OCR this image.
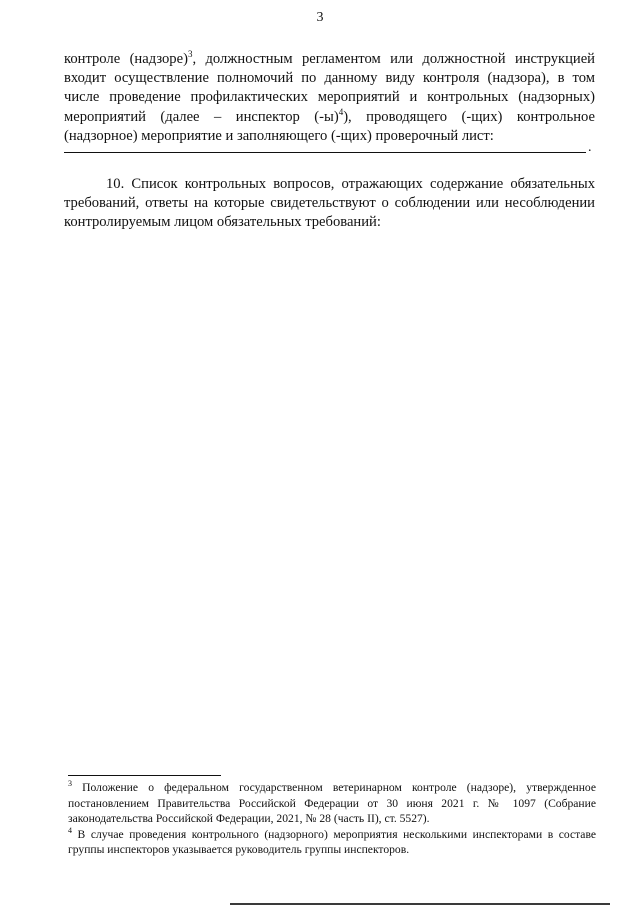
3
контроле (надзоре)$^3$, должностным регламентом или должностной инструкцией
входит осуществление полномочий по данному виду контроля (надзора), в том
числе проведение профилактических мероприятий и контрольных (надзорных)
мероприятий (далее – инспектор $(-ы)^4$), проводящего (-щих) контрольное
(надзорное) мероприятие и заполняющего (-щих) проверочный лист:
.
10. Список контрольных вопросов, отражающих содержание обязательных
требований, ответы на которые свидетельствуют о соблюдении или несоблюдении
контролируемым лицом обязательных требований:

$^3$ Положение о федеральном государственном ветеринарном контроле (надзоре), утвержденное постановлением Правительства Российской Федерации от 30 июня 2021 г. № 1097 (Собрание законодательства Российской Федерации, 2021, № 28 (часть II), ст. 5527).

$^4$ В случае проведения контрольного (надзорного) мероприятия несколькими инспекторами в составе группы инспекторов указывается руководитель группы инспекторов.
